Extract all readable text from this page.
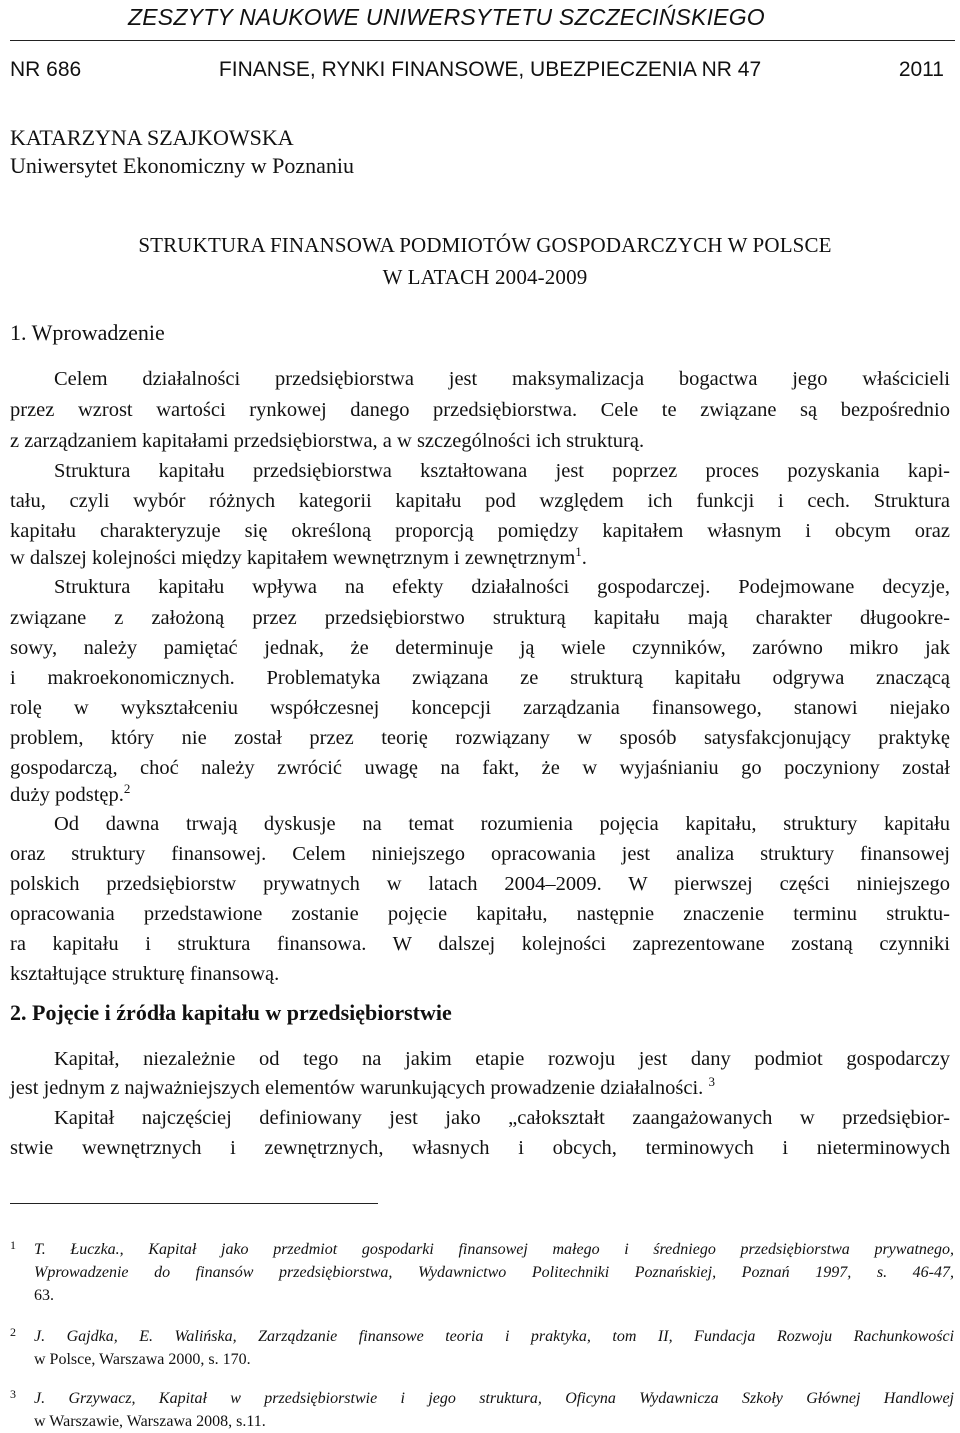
ZESZYTY NAUKOWE UNIWERSYTETU SZCZECIŃSKIEGO
NR 686	FINANSE, RYNKI FINANSOWE, UBEZPIECZENIA NR 47	2011
KATARZYNA SZAJKOWSKA
Uniwersytet Ekonomiczny w Poznaniu
STRUKTURA FINANSOWA PODMIOTÓW GOSPODARCZYCH W POLSCE
W LATACH 2004-2009
1. Wprowadzenie
Celem działalności przedsiębiorstwa jest maksymalizacja bogactwa jego właścicieli
przez wzrost wartości rynkowej danego przedsiębiorstwa. Cele te związane są bezpośrednio
z zarządzaniem kapitałami przedsiębiorstwa, a w szczególności ich strukturą.
Struktura kapitału przedsiębiorstwa kształtowana jest poprzez proces pozyskania kapi-
tału, czyli wybór różnych kategorii kapitału pod względem ich funkcji i cech. Struktura
kapitału charakteryzuje się określoną proporcją pomiędzy kapitałem własnym i obcym oraz
w dalszej kolejności między kapitałem wewnętrznym i zewnętrznym$^1$.
Struktura kapitału wpływa na efekty działalności gospodarczej. Podejmowane decyzje,
związane z założoną przez przedsiębiorstwo strukturą kapitału mają charakter długookre-
sowy, należy pamiętać jednak, że determinuje ją wiele czynników, zarówno mikro jak
i makroekonomicznych. Problematyka związana ze strukturą kapitału odgrywa znaczącą
rolę w wykształceniu współczesnej koncepcji zarządzania finansowego, stanowi niejako
problem, który nie został przez teorię rozwiązany w sposób satysfakcjonujący praktykę
gospodarczą, choć należy zwrócić uwagę na fakt, że w wyjaśnianiu go poczyniony został
duży podstęp.$^2$
Od dawna trwają dyskusje na temat rozumienia pojęcia kapitału, struktury kapitału
oraz struktury finansowej. Celem niniejszego opracowania jest analiza struktury finansowej
polskich przedsiębiorstw prywatnych w latach 2004–2009. W pierwszej części niniejszego
opracowania przedstawione zostanie pojęcie kapitału, następnie znaczenie terminu struktu-
ra kapitału i struktura finansowa. W dalszej kolejności zaprezentowane zostaną czynniki
kształtujące strukturę finansową.
2. Pojęcie i źródła kapitału w przedsiębiorstwie
Kapitał, niezależnie od tego na jakim etapie rozwoju jest dany podmiot gospodarczy
jest jednym z najważniejszych elementów warunkujących prowadzenie działalności. $^3$
Kapitał najczęściej definiowany jest jako „całokształt zaangażowanych w przedsiębior-
stwie wewnętrznych i zewnętrznych, własnych i obcych, terminowych i nieterminowych
1	T. Łuczka., Kapitał jako przedmiot gospodarki finansowej małego i średniego przedsiębiorstwa prywatnego,
Wprowadzenie do finansów przedsiębiorstwa, Wydawnictwo Politechniki Poznańskiej, Poznań 1997, s. 46-47,
63.
2	J. Gajdka, E. Walińska, Zarządzanie finansowe teoria i praktyka, tom II, Fundacja Rozwoju Rachunkowości
w Polsce, Warszawa 2000, s. 170.
3	J. Grzywacz, Kapitał w przedsiębiorstwie i jego struktura, Oficyna Wydawnicza Szkoły Głównej Handlowej
w Warszawie, Warszawa 2008, s.11.
